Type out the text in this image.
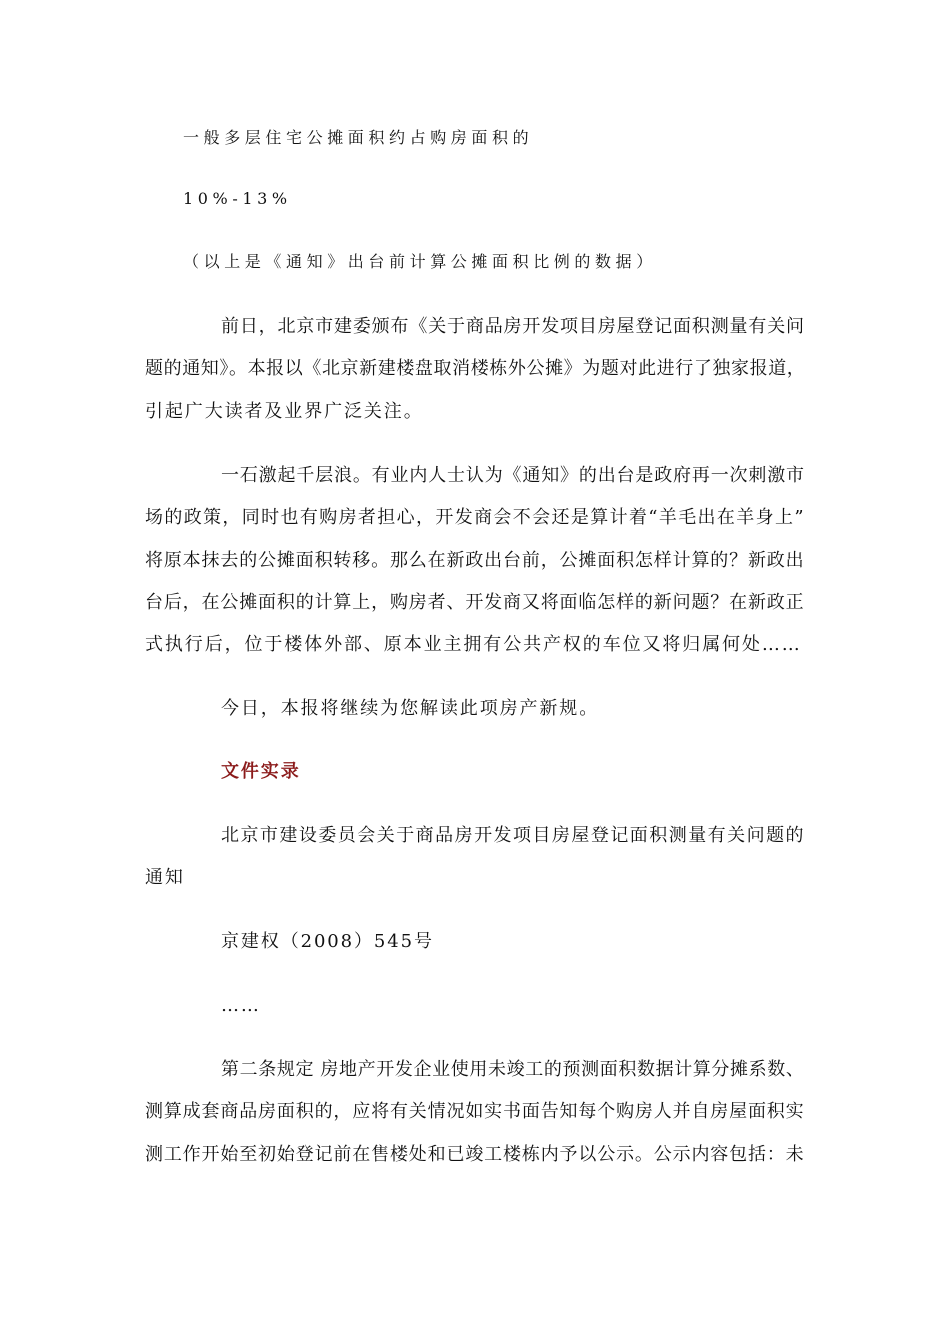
一般多层住宅公摊面积约占购房面积的

10%-13%

（以上是《通知》出台前计算公摊面积比例的数据）

前日，北京市建委颁布《关于商品房开发项目房屋登记面积测量有关问

题的通知》。本报以《北京新建楼盘取消楼栋外公摊》为题对此进行了独家报道，

引起广大读者及业界广泛关注。

一石激起千层浪。有业内人士认为《通知》的出台是政府再一次刺激市

场的政策，同时也有购房者担心，开发商会不会还是算计着“羊毛出在羊身上”

将原本抹去的公摊面积转移。那么在新政出台前，公摊面积怎样计算的？新政出

台后，在公摊面积的计算上，购房者、开发商又将面临怎样的新问题？在新政正

式执行后，位于楼体外部、原本业主拥有公共产权的车位又将归属何处……

今日，本报将继续为您解读此项房产新规。

文件实录

北京市建设委员会关于商品房开发项目房屋登记面积测量有关问题的

通知

京建权（2008）545号

……

第二条规定 房地产开发企业使用未竣工的预测面积数据计算分摊系数、

测算成套商品房面积的，应将有关情况如实书面告知每个购房人并自房屋面积实

测工作开始至初始登记前在售楼处和已竣工楼栋内予以公示。公示内容包括：未
